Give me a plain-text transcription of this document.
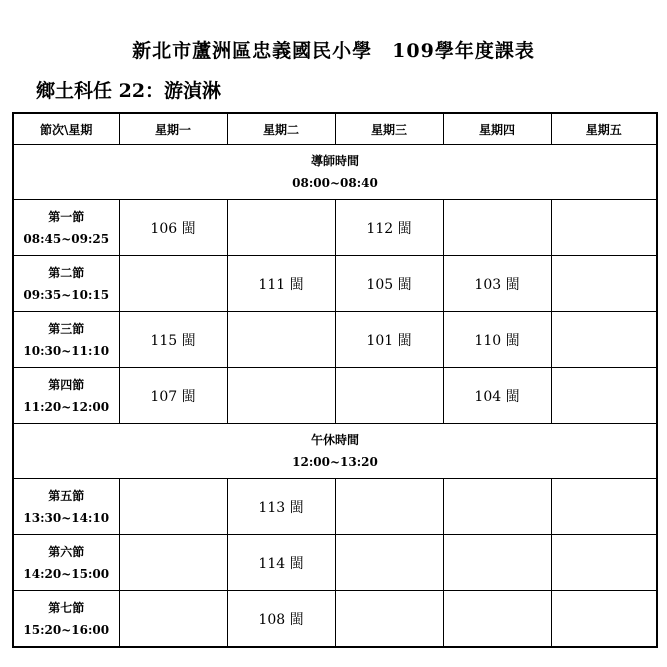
新北市蘆洲區忠義國民小學　109學年度課表
鄉土科任 22：游湞淋
節次\星期	星期一	星期二	星期三	星期四	星期五

導師時間
08:00~08:40					

第一節
08:45~09:25	106 閩		112 閩		

第二節
09:35~10:15		111 閩	105 閩	103 閩	

第三節
10:30~11:10	115 閩		101 閩	110 閩	

第四節
11:20~12:00	107 閩			104 閩	

午休時間
12:00~13:20					

第五節
13:30~14:10		113 閩			

第六節
14:20~15:00		114 閩			

第七節
15:20~16:00		108 閩			
